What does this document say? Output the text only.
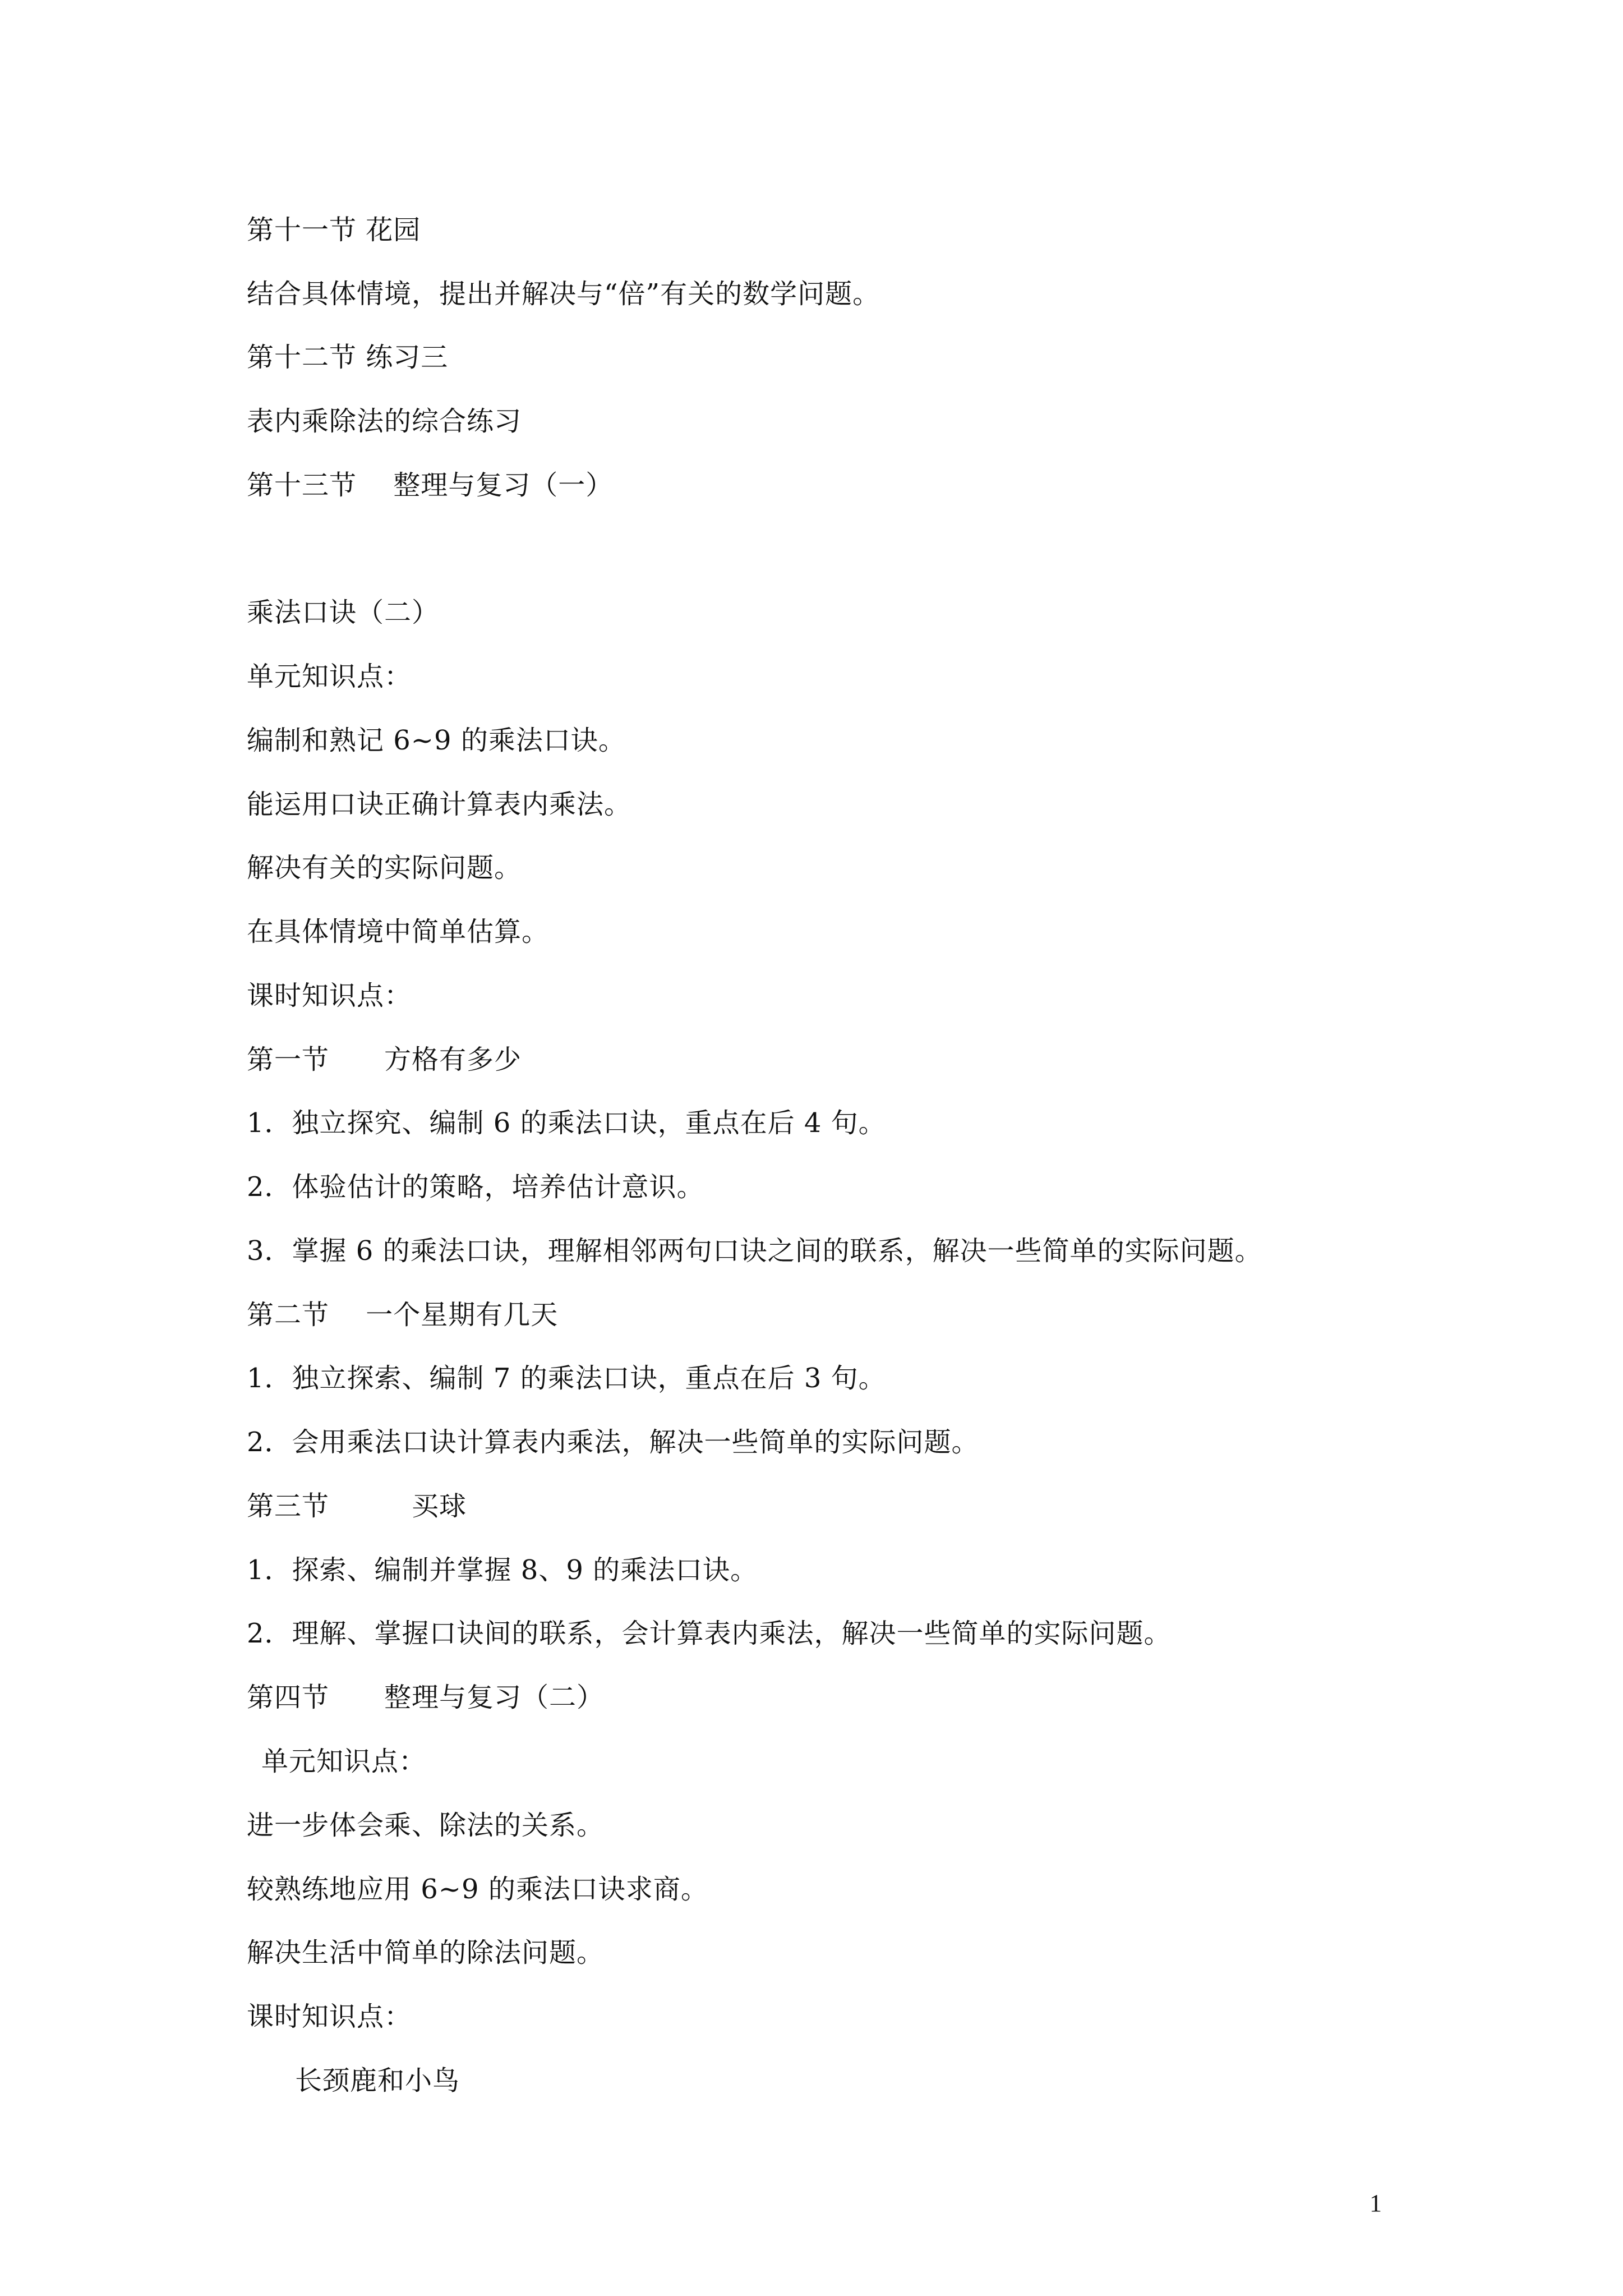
第十一节 花园
结合具体情境，提出并解决与“倍”有关的数学问题。
第十二节 练习三
表内乘除法的综合练习
第十三节　 整理与复习（一）
乘法口诀（二）
单元知识点：
编制和熟记 6~9 的乘法口诀。
能运用口诀正确计算表内乘法。
解决有关的实际问题。
在具体情境中简单估算。
课时知识点：
第一节　　方格有多少
1．独立探究、编制 6 的乘法口诀，重点在后 4 句。
2．体验估计的策略，培养估计意识。
3．掌握 6 的乘法口诀，理解相邻两句口诀之间的联系，解决一些简单的实际问题。
第二节　 一个星期有几天
1．独立探索、编制 7 的乘法口诀，重点在后 3 句。
2．会用乘法口诀计算表内乘法，解决一些简单的实际问题。
第三节　　　买球
1．探索、编制并掌握 8、9 的乘法口诀。
2．理解、掌握口诀间的联系，会计算表内乘法，解决一些简单的实际问题。
第四节　　整理与复习（二）
单元知识点：
进一步体会乘、除法的关系。
较熟练地应用 6~9 的乘法口诀求商。
解决生活中简单的除法问题。
课时知识点：
长颈鹿和小鸟
1
